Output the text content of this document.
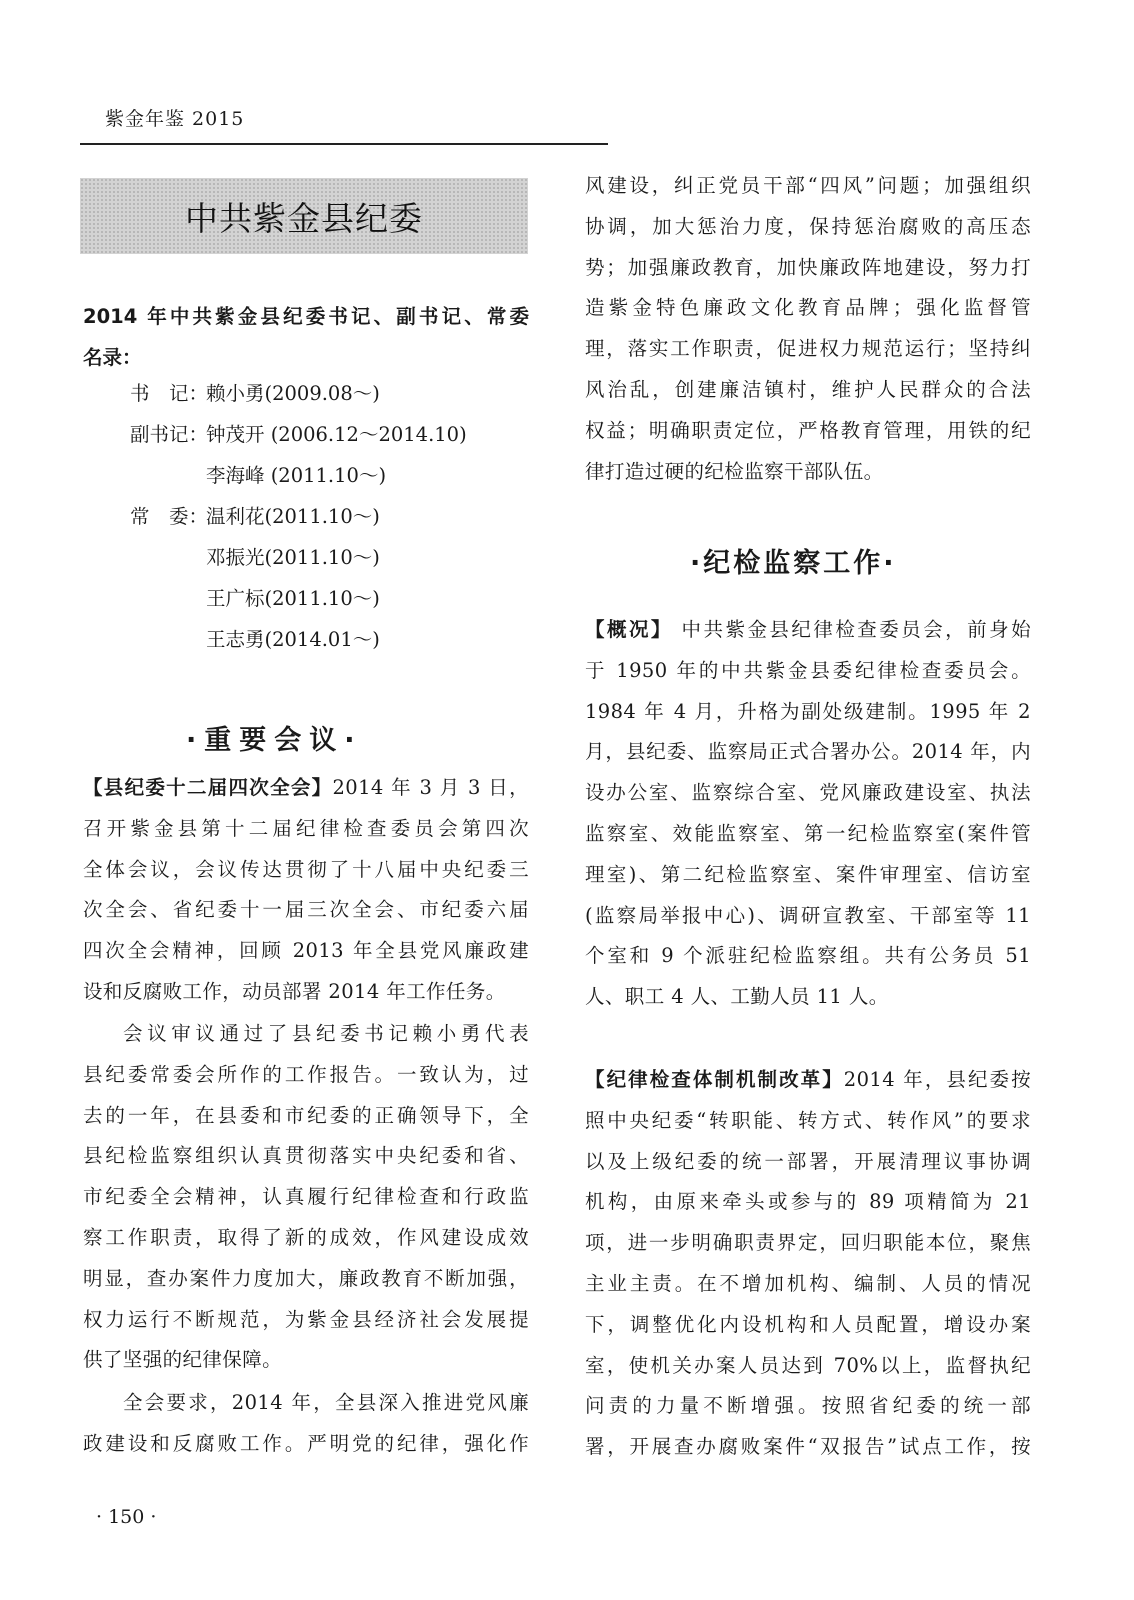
紫金年鉴 2015
中共紫金县纪委
2014 年中共紫金县纪委书记、副书记、常委
名录：
书　记：赖小勇(2009.08～)
副书记：钟茂开 (2006.12～2014.10)
李海峰 (2011.10～)
常　委：温利花(2011.10～)
邓振光(2011.10～)
王广标(2011.10～)
王志勇(2014.01～)
·重要会议·
【县纪委十二届四次全会】2014 年 3 月 3 日，
召开紫金县第十二届纪律检查委员会第四次
全体会议，会议传达贯彻了十八届中央纪委三
次全会、省纪委十一届三次全会、市纪委六届
四次全会精神，回顾 2013 年全县党风廉政建
设和反腐败工作，动员部署 2014 年工作任务。
会议审议通过了县纪委书记赖小勇代表
县纪委常委会所作的工作报告。一致认为，过
去的一年，在县委和市纪委的正确领导下，全
县纪检监察组织认真贯彻落实中央纪委和省、
市纪委全会精神，认真履行纪律检查和行政监
察工作职责，取得了新的成效，作风建设成效
明显，查办案件力度加大，廉政教育不断加强，
权力运行不断规范，为紫金县经济社会发展提
供了坚强的纪律保障。
全会要求，2014 年，全县深入推进党风廉
政建设和反腐败工作。严明党的纪律，强化作
· 150 ·
风建设，纠正党员干部“四风”问题；加强组织
协调，加大惩治力度，保持惩治腐败的高压态
势；加强廉政教育，加快廉政阵地建设，努力打
造紫金特色廉政文化教育品牌；强化监督管
理，落实工作职责，促进权力规范运行；坚持纠
风治乱，创建廉洁镇村，维护人民群众的合法
权益；明确职责定位，严格教育管理，用铁的纪
律打造过硬的纪检监察干部队伍。
·纪检监察工作·
【概况】 中共紫金县纪律检查委员会，前身始
于 1950 年的中共紫金县委纪律检查委员会。
1984 年 4 月，升格为副处级建制。1995 年 2
月，县纪委、监察局正式合署办公。2014 年，内
设办公室、监察综合室、党风廉政建设室、执法
监察室、效能监察室、第一纪检监察室(案件管
理室)、第二纪检监察室、案件审理室、信访室
(监察局举报中心)、调研宣教室、干部室等 11
个室和 9 个派驻纪检监察组。共有公务员 51
人、职工 4 人、工勤人员 11 人。
【纪律检查体制机制改革】2014 年，县纪委按
照中央纪委“转职能、转方式、转作风”的要求
以及上级纪委的统一部署，开展清理议事协调
机构，由原来牵头或参与的 89 项精简为 21
项，进一步明确职责界定，回归职能本位，聚焦
主业主责。在不增加机构、编制、人员的情况
下，调整优化内设机构和人员配置，增设办案
室，使机关办案人员达到 70%以上，监督执纪
问责的力量不断增强。按照省纪委的统一部
署，开展查办腐败案件“双报告”试点工作，按
